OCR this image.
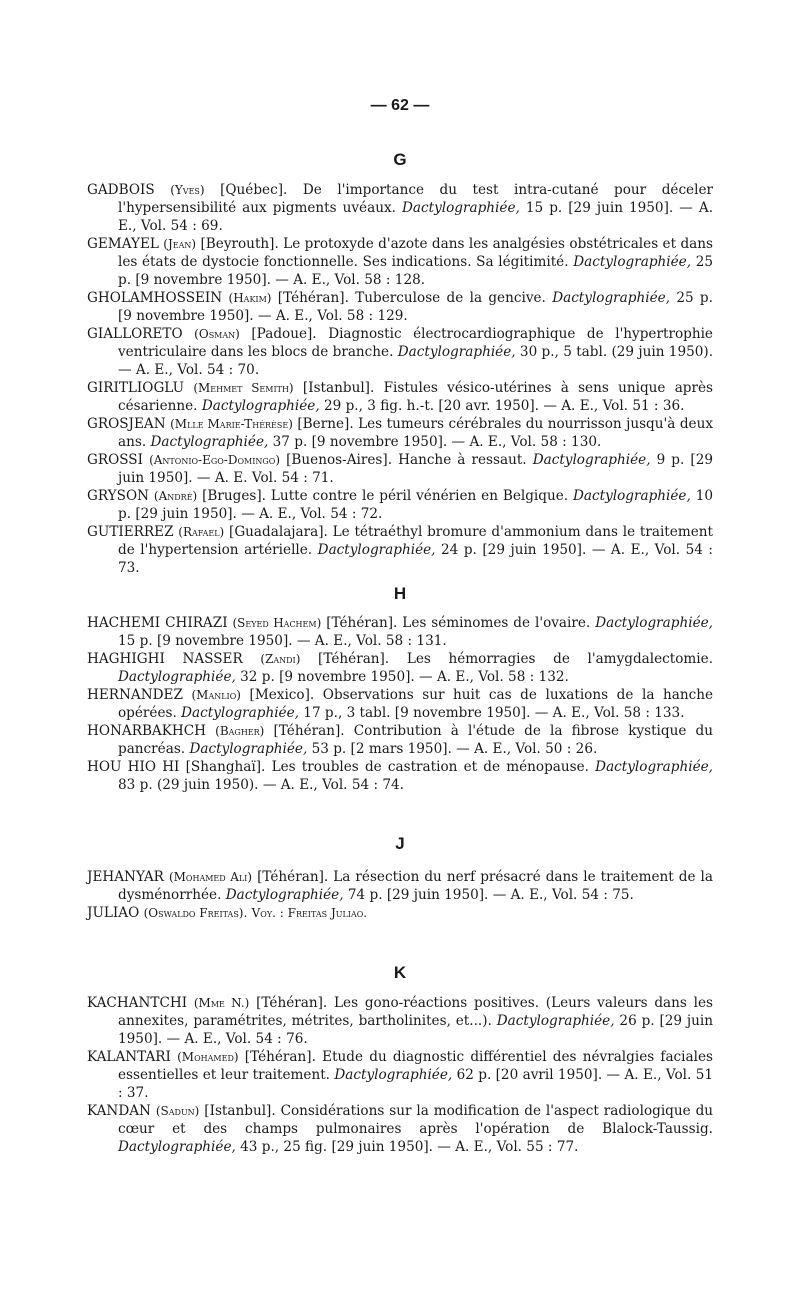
— 62 —
G

GADBOIS (Yves) [Québec]. De l'importance du test intra-cutané pour déceler l'hypersensibilité aux pigments uvéaux. Dactylographiée, 15 p. [29 juin 1950]. — A. E., Vol. 54 : 69.

GEMAYEL (Jean) [Beyrouth]. Le protoxyde d'azote dans les analgésies obstétricales et dans les états de dystocie fonctionnelle. Ses indications. Sa légitimité. Dactylographiée, 25 p. [9 novembre 1950]. — A. E., Vol. 58 : 128.

GHOLAMHOSSEIN (Hakim) [Téhéran]. Tuberculose de la gencive. Dactylographiée, 25 p. [9 novembre 1950]. — A. E., Vol. 58 : 129.

GIALLORETO (Osman) [Padoue]. Diagnostic électrocardiographique de l'hypertrophie ventriculaire dans les blocs de branche. Dactylographiée, 30 p., 5 tabl. (29 juin 1950). — A. E., Vol. 54 : 70.

GIRITLIOGLU (Mehmet Semith) [Istanbul]. Fistules vésico-utérines à sens unique après césarienne. Dactylographiée, 29 p., 3 fig. h.-t. [20 avr. 1950]. — A. E., Vol. 51 : 36.

GROSJEAN (Mlle Marie-Thérèse) [Berne]. Les tumeurs cérébrales du nourrisson jusqu'à deux ans. Dactylographiée, 37 p. [9 novembre 1950]. — A. E., Vol. 58 : 130.

GROSSI (Antonio-Ego-Domingo) [Buenos-Aires]. Hanche à ressaut. Dactylographiée, 9 p. [29 juin 1950]. — A. E. Vol. 54 : 71.

GRYSON (André) [Bruges]. Lutte contre le péril vénérien en Belgique. Dactylographiée, 10 p. [29 juin 1950]. — A. E., Vol. 54 : 72.

GUTIERREZ (Rafael) [Guadalajara]. Le tétraéthyl bromure d'ammonium dans le traitement de l'hypertension artérielle. Dactylographiée, 24 p. [29 juin 1950]. — A. E., Vol. 54 : 73.

H

HACHEMI CHIRAZI (Seyed Hachem) [Téhéran]. Les séminomes de l'ovaire. Dactylographiée, 15 p. [9 novembre 1950]. — A. E., Vol. 58 : 131.

HAGHIGHI NASSER (Zandi) [Téhéran]. Les hémorragies de l'amygdalectomie. Dactylographiée, 32 p. [9 novembre 1950]. — A. E., Vol. 58 : 132.

HERNANDEZ (Manlio) [Mexico]. Observations sur huit cas de luxations de la hanche opérées. Dactylographiée, 17 p., 3 tabl. [9 novembre 1950]. — A. E., Vol. 58 : 133.

HONARBAKHCH (Bagher) [Téhéran]. Contribution à l'étude de la fibrose kystique du pancréas. Dactylographiée, 53 p. [2 mars 1950]. — A. E., Vol. 50 : 26.

HOU HIO HI [Shanghaï]. Les troubles de castration et de ménopause. Dactylographiée, 83 p. (29 juin 1950). — A. E., Vol. 54 : 74.

J

JEHANYAR (Mohamed Ali) [Téhéran]. La résection du nerf présacré dans le traitement de la dysménorrhée. Dactylographiée, 74 p. [29 juin 1950]. — A. E., Vol. 54 : 75.

JULIAO (Oswaldo Freitas). Voy. : Freitas Juliao.

K

KACHANTCHI (Mme N.) [Téhéran]. Les gono-réactions positives. (Leurs valeurs dans les annexites, paramétrites, métrites, bartholinites, et...). Dactylographiée, 26 p. [29 juin 1950]. — A. E., Vol. 54 : 76.

KALANTARI (Mohamed) [Téhéran]. Etude du diagnostic différentiel des névralgies faciales essentielles et leur traitement. Dactylographiée, 62 p. [20 avril 1950]. — A. E., Vol. 51 : 37.

KANDAN (Sadun) [Istanbul]. Considérations sur la modification de l'aspect radiologique du cœur et des champs pulmonaires après l'opération de Blalock-Taussig. Dactylographiée, 43 p., 25 fig. [29 juin 1950]. — A. E., Vol. 55 : 77.
